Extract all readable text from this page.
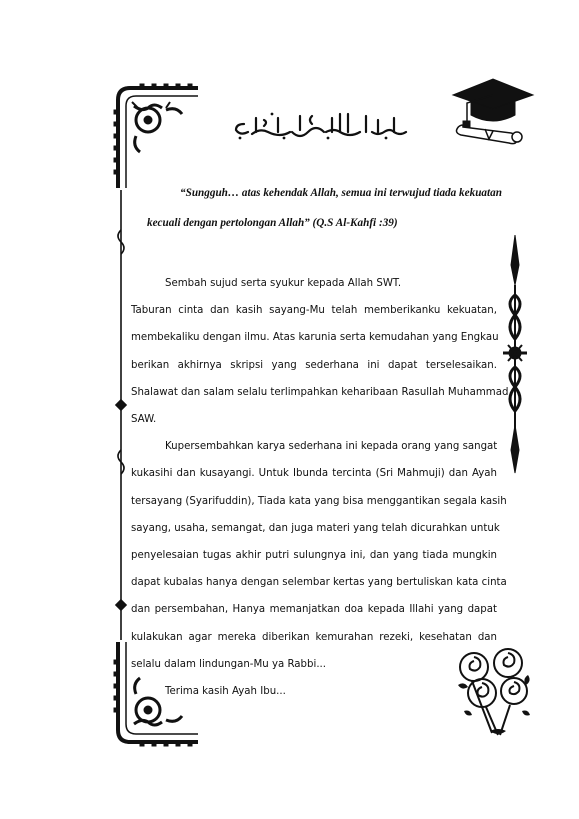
“Sungguh… atas kehendak Allah, semua ini terwujud tiada kekuatan
kecuali dengan pertolongan Allah” (Q.S Al-Kahfi :39)
Sembah sujud serta syukur kepada Allah SWT.
Taburan cinta dan kasih sayang-Mu telah memberikanku kekuatan,
membekaliku dengan ilmu. Atas karunia serta kemudahan yang Engkau
berikan akhirnya skripsi yang sederhana ini dapat terselesaikan.
Shalawat dan salam selalu terlimpahkan keharibaan Rasullah Muhammad
SAW.
Kupersembahkan karya sederhana ini kepada orang yang sangat
kukasihi dan kusayangi. Untuk Ibunda tercinta (Sri Mahmuji) dan Ayah
tersayang (Syarifuddin), Tiada kata yang bisa menggantikan segala kasih
sayang, usaha, semangat, dan juga materi yang telah dicurahkan untuk
penyelesaian tugas akhir putri sulungnya ini, dan yang tiada mungkin
dapat kubalas hanya dengan selembar kertas yang bertuliskan kata cinta
dan persembahan, Hanya memanjatkan doa kepada Illahi yang dapat
kulakukan agar mereka diberikan kemurahan rezeki, kesehatan dan
selalu dalam lindungan-Mu ya Rabbi...
Terima kasih Ayah Ibu...
